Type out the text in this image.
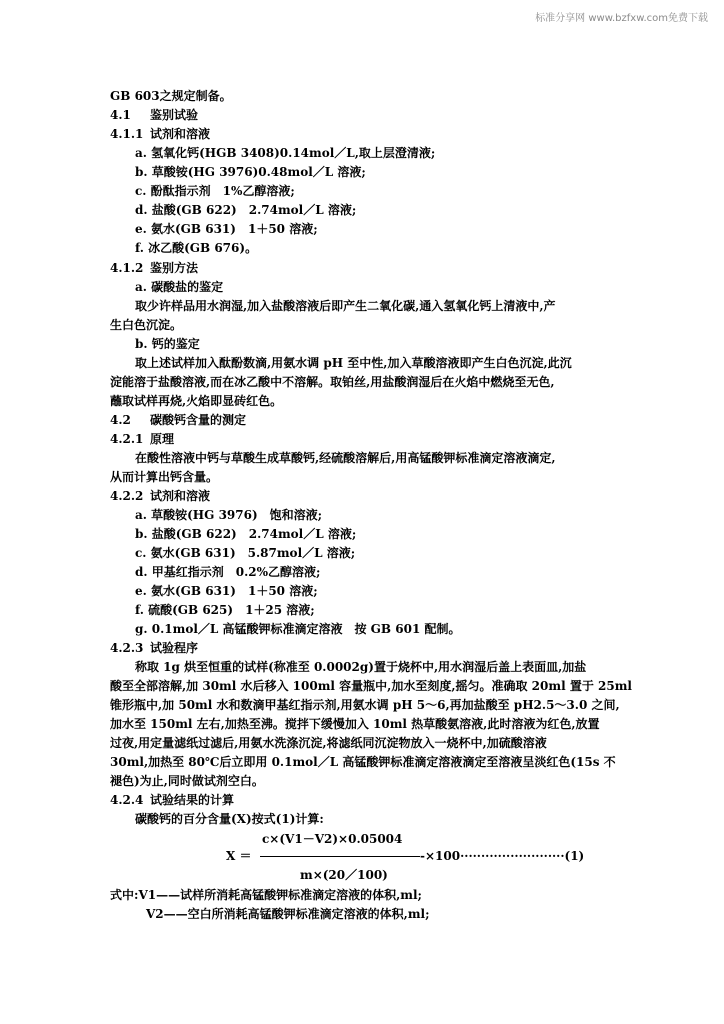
标准分享网 www.bzfxw.com免费下载
GB 603之规定制备。
4.1 鉴别试验
4.1.1 试剂和溶液
a. 氢氧化钙(HGB 3408)0.14mol／L,取上层澄清液;
b. 草酸铵(HG 3976)0.48mol／L 溶液;
c. 酚酞指示剂　1%乙醇溶液;
d. 盐酸(GB 622)　2.74mol／L 溶液;
e. 氨水(GB 631)　1＋50 溶液;
f. 冰乙酸(GB 676)。
4.1.2 鉴别方法
a. 碳酸盐的鉴定
取少许样品用水润湿,加入盐酸溶液后即产生二氧化碳,通入氢氧化钙上清液中,产
生白色沉淀。
b. 钙的鉴定
取上述试样加入酞酚数滴,用氨水调 pH 至中性,加入草酸溶液即产生白色沉淀,此沉
淀能溶于盐酸溶液,而在冰乙酸中不溶解。取铂丝,用盐酸润湿后在火焰中燃烧至无色,
蘸取试样再烧,火焰即显砖红色。
4.2 碳酸钙含量的测定
4.2.1 原理
在酸性溶液中钙与草酸生成草酸钙,经硫酸溶解后,用高锰酸钾标准滴定溶液滴定,
从而计算出钙含量。
4.2.2 试剂和溶液
a. 草酸铵(HG 3976)　饱和溶液;
b. 盐酸(GB 622)　2.74mol／L 溶液;
c. 氨水(GB 631)　5.87mol／L 溶液;
d. 甲基红指示剂　0.2%乙醇溶液;
e. 氨水(GB 631)　1＋50 溶液;
f. 硫酸(GB 625)　1＋25 溶液;
g. 0.1mol／L 高锰酸钾标准滴定溶液　按 GB 601 配制。
4.2.3 试验程序
称取 1g 烘至恒重的试样(称准至 0.0002g)置于烧杯中,用水润湿后盖上表面皿,加盐
酸至全部溶解,加 30ml 水后移入 100ml 容量瓶中,加水至刻度,摇匀。准确取 20ml 置于 25ml
锥形瓶中,加 50ml 水和数滴甲基红指示剂,用氨水调 pH 5～6,再加盐酸至 pH2.5～3.0 之间,
加水至 150ml 左右,加热至沸。搅拌下缓慢加入 10ml 热草酸氨溶液,此时溶液为红色,放置
过夜,用定量滤纸过滤后,用氨水洗涤沉淀,将滤纸同沉淀物放入一烧杯中,加硫酸溶液
30ml,加热至 80℃后立即用 0.1mol／L 高锰酸钾标准滴定溶液滴定至溶液呈淡红色(15s 不
褪色)为止,同时做试剂空白。
4.2.4 试验结果的计算
碳酸钙的百分含量(X)按式(1)计算:
c×(V1－V2)×0.05004
X ＝	-×100·························(1)
m×(20／100)
式中:V1——试样所消耗高锰酸钾标准滴定溶液的体积,ml;
V2——空白所消耗高锰酸钾标准滴定溶液的体积,ml;
